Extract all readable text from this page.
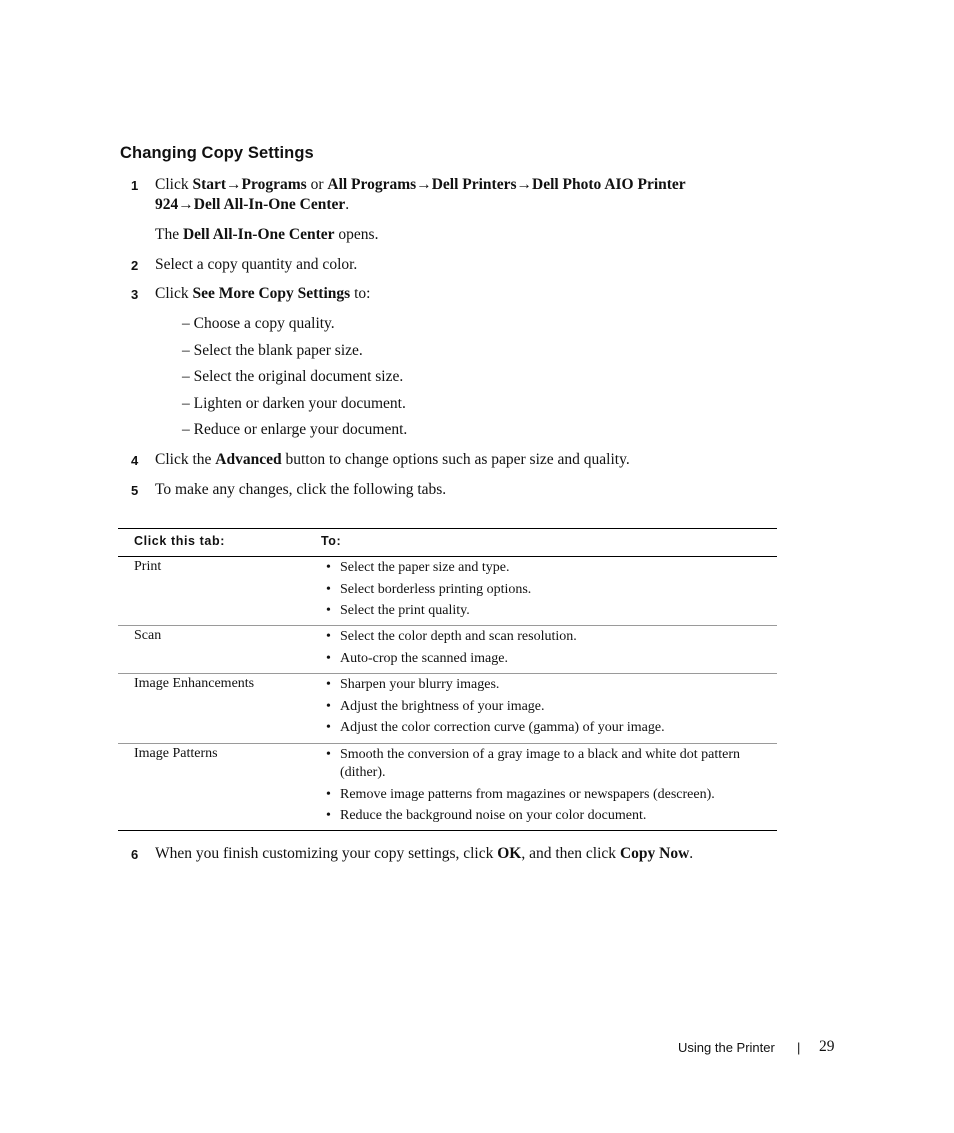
Changing Copy Settings
1 Click Start→Programs or All Programs→Dell Printers→Dell Photo AIO Printer
924→Dell All-In-One Center.
The Dell All-In-One Center opens.
2 Select a copy quantity and color.
3 Click See More Copy Settings to:
– Choose a copy quality.
– Select the blank paper size.
– Select the original document size.
– Lighten or darken your document.
– Reduce or enlarge your document.
4 Click the Advanced button to change options such as paper size and quality.
5 To make any changes, click the following tabs.
6 When you finish customizing your copy settings, click OK, and then click Copy Now.
Click this tab:	To:
Print	• Select the paper size and type.
• Select borderless printing options.
• Select the print quality.
Scan	• Select the color depth and scan resolution.
• Auto-crop the scanned image.
Image Enhancements	• Sharpen your blurry images.
• Adjust the brightness of your image.
• Adjust the color correction curve (gamma) of your image.
Image Patterns	• Smooth the conversion of a gray image to a black and white dot pattern (dither).
• Remove image patterns from magazines or newspapers (descreen).
• Reduce the background noise on your color document.
Using the Printer | 29
